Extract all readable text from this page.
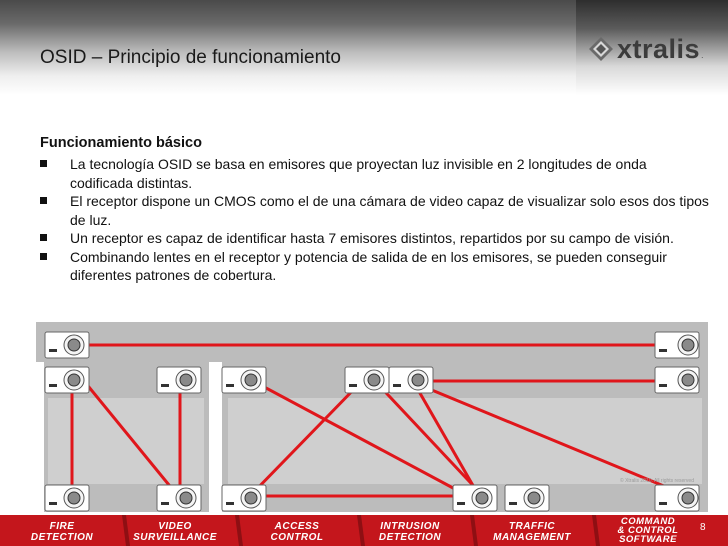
OSID – Principio de funcionamiento	xtralis .
Funcionamiento básico
La tecnología OSID se basa en emisores que proyectan luz invisible en 2 longitudes de onda codificada distintas.
El receptor dispone un CMOS como el de una cámara de video capaz de visualizar solo esos dos tipos de luz.
Un receptor es capaz de identificar hasta 7 emisores distintos, repartidos por su campo de visión.
Combinando lentes en el receptor y potencia de salida de en los emisores, se pueden conseguir diferentes patrones de cobertura.
© Xtralis 2010. All rights reserved
FIRE
DETECTION
VIDEO
SURVEILLANCE
ACCESS
CONTROL
INTRUSION
DETECTION
TRAFFIC
MANAGEMENT
COMMAND
& CONTROL
SOFTWARE
8
